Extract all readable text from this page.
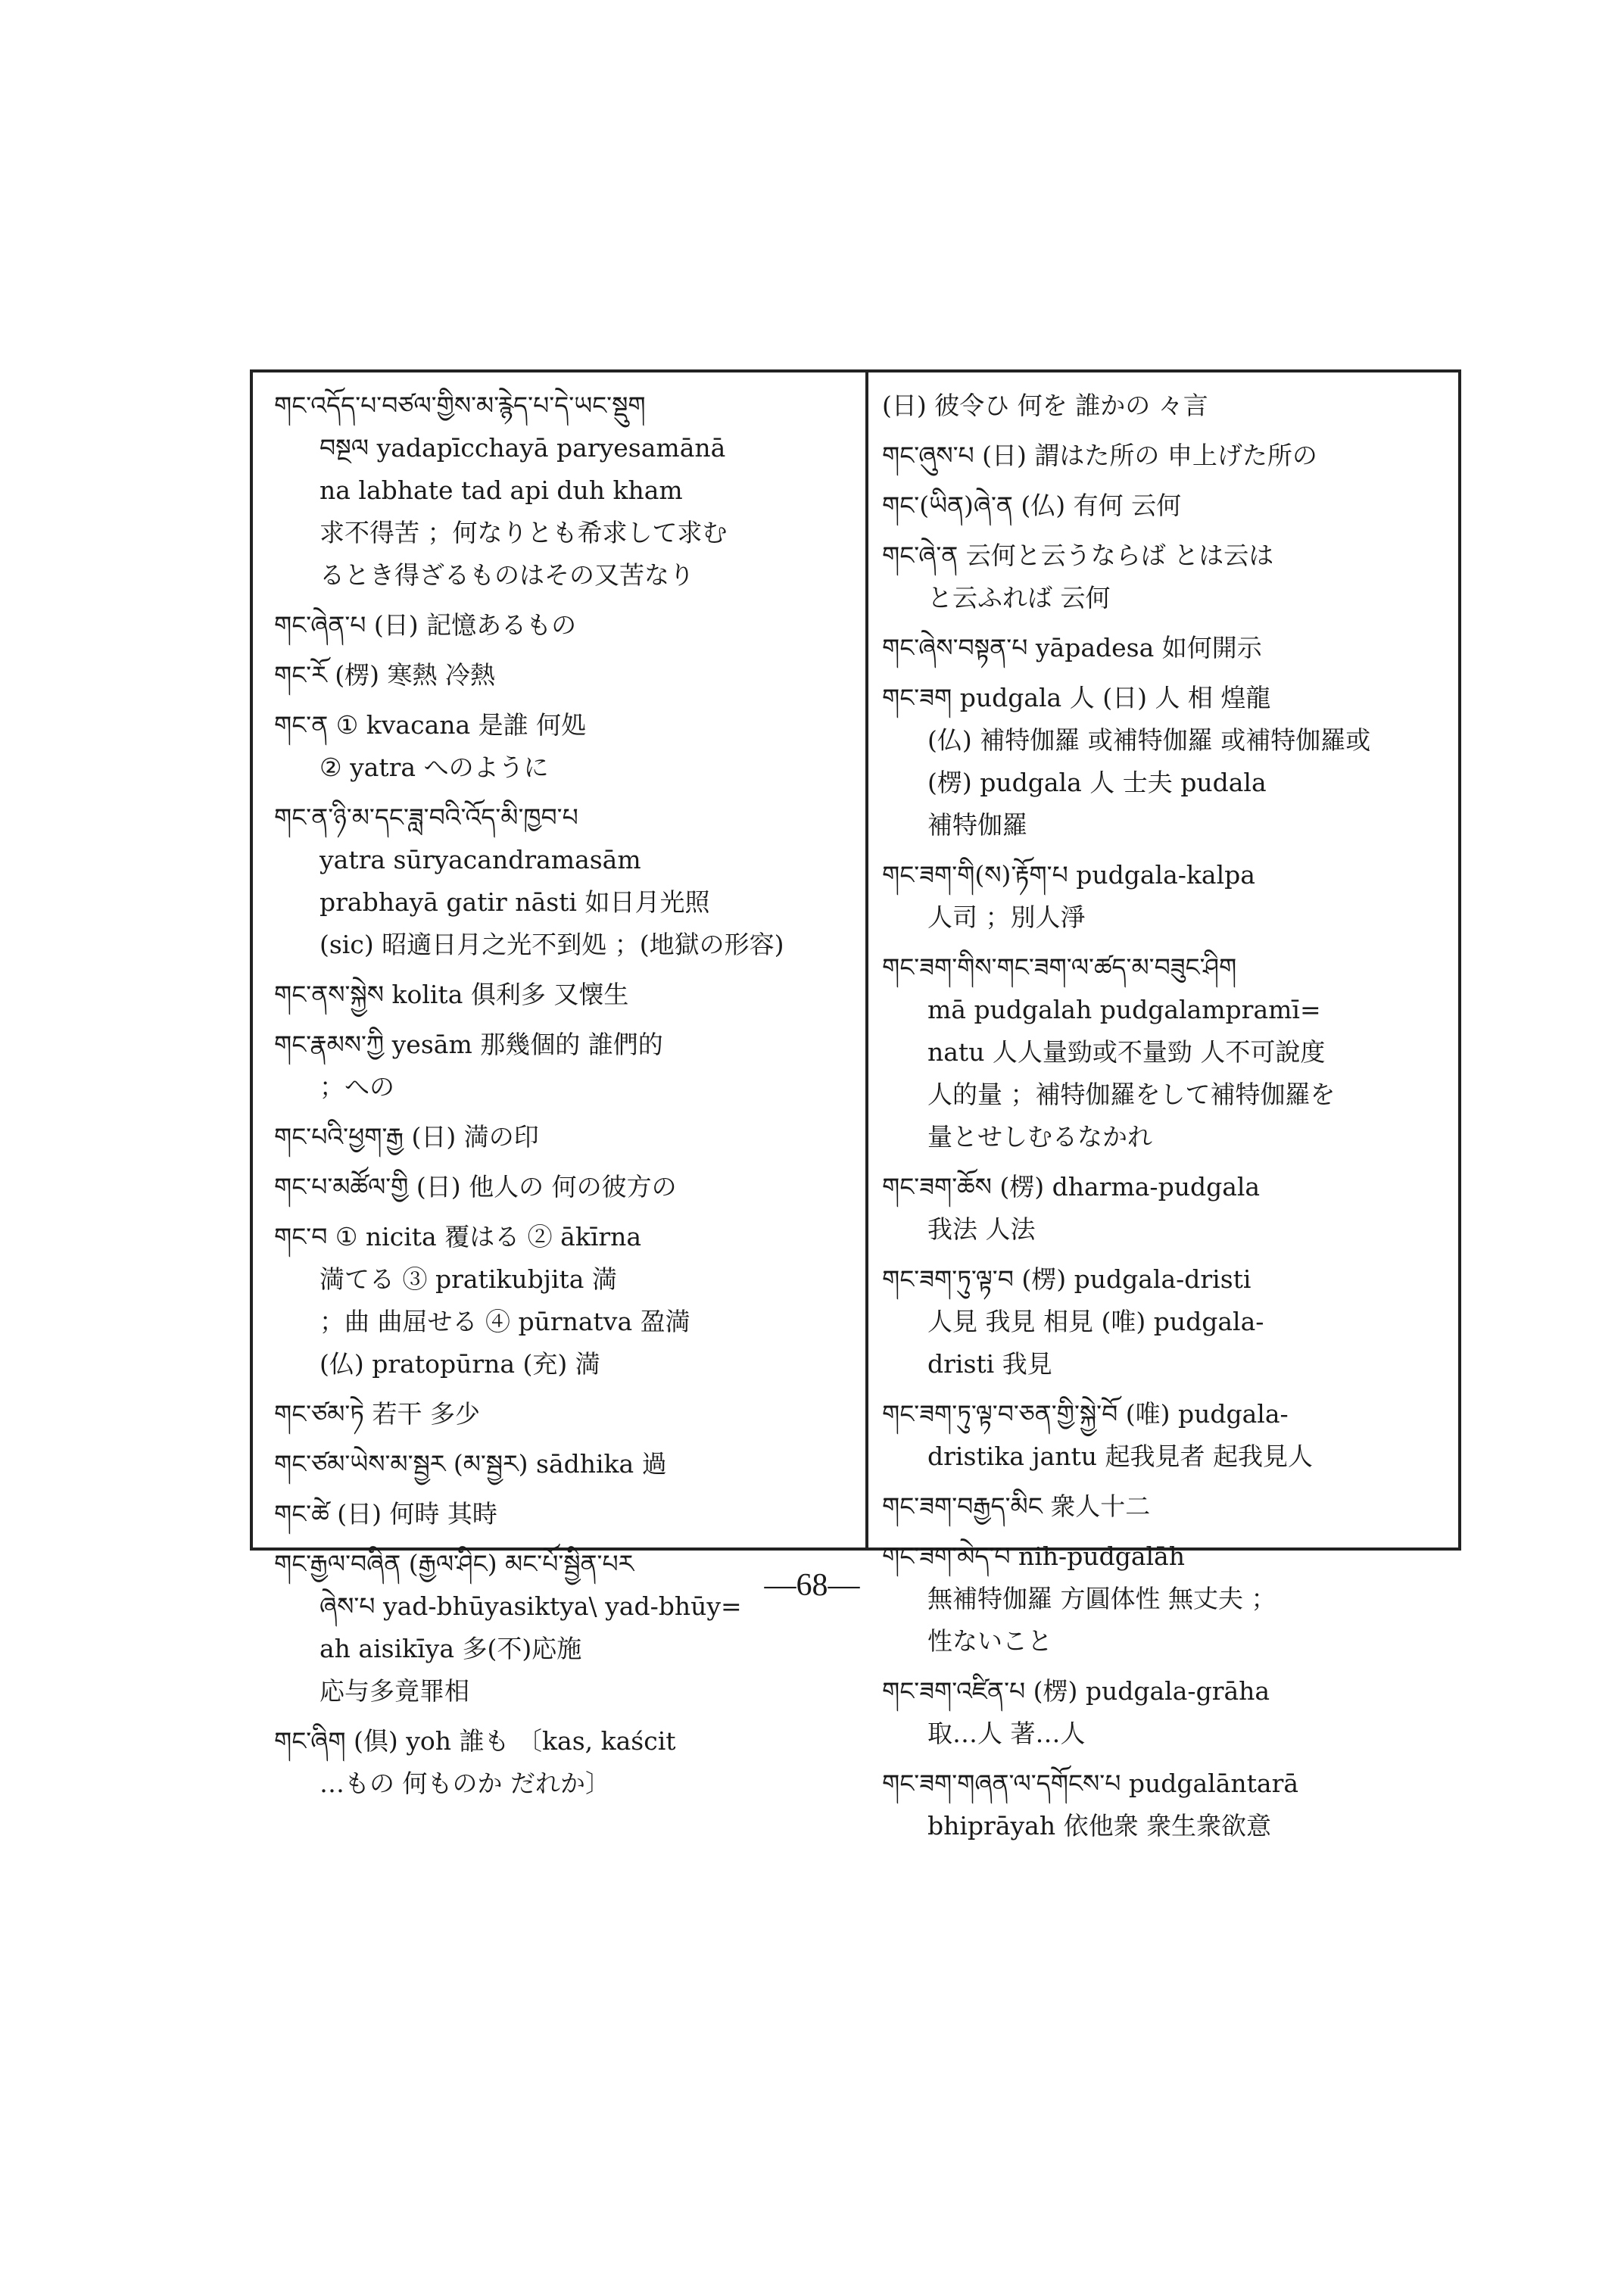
གང་འདོད་པ་བཙལ་གྱིས་མ་རྙེད་པ་དེ་ཡང་སྡུག
བསྔལ yadapīcchayā paryesamānā
na labhate tad api duh kham
求不得苦 ；何なりとも希求して求む
るとき得ざるものはその又苦なり
གང་ཞེན་པ (日) 記憶あるもの
གང་རོ (楞) 寒熱 冷熱
གང་ན ① kvacana 是誰 何処
② yatra へのように
གང་ན་ཉི་མ་དང་ཟླ་བའི་འོད་མི་ཁྱབ་པ
yatra sūryacandramasām
prabhayā gatir nāsti 如日月光照
(sic) 昭適日月之光不到処 ；(地獄の形容)
གང་ནས་སྐྱེས kolita 俱利多 又懐生
གང་རྣམས་ཀྱི yesām 那幾個的 誰們的
；への
གང་པའི་ཕྱག་རྒྱ (日) 満の印
གང་པ་མཚོལ་གྱི (日) 他人の 何の彼方の
གང་བ ① nicita 覆はる ② ākīrna
満てる ③ pratikubjita 満
；曲 曲屈せる ④ pūrnatva 盈満
(仏) pratopūrna (充) 満
གང་ཙམ་ཏེ 若干 多少
གང་ཙམ་ཡེས་མ་སྦྱར (མ་སྦྱར) sādhika 過
གང་ཚེ (日) 何時 其時
གང་རྒྱལ་བཞིན (རྒྱལ་ཤིང) མང་པོ་སྦྱིན་པར
ཞེས་པ yad-bhūyasiktya\ yad-bhūy=
ah aisikīya 多(不)応施
応与多竟罪相
གང་ཞིག (倶) yoh 誰も 〔kas, kaścit
…もの 何ものか だれか〕
(日) 彼令ひ 何を 誰かの 々言
གང་ཞུས་པ (日) 謂はた所の 申上げた所の
གང་(ཡིན)ཞེ་ན (仏) 有何 云何
གང་ཞེ་ན 云何と云うならば とは云は
と云ふれば 云何
གང་ཞེས་བསྟན་པ yāpadesa 如何開示
གང་ཟག pudgala 人 (日) 人 相 煌龍
(仏) 補特伽羅 或補特伽羅 或補特伽羅或
(楞) pudgala 人 士夫 pudala
補特伽羅
གང་ཟག་གི(ས)་རྟོག་པ pudgala-kalpa
人司 ；別人淨
གང་ཟག་གིས་གང་ཟག་ལ་ཚད་མ་བཟུང་ཤིག
mā pudgalah pudgalampramī=
natu 人人量勁或不量勁 人不可說度
人的量 ；補特伽羅をして補特伽羅を
量とせしむるなかれ
གང་ཟག་ཆོས (楞) dharma-pudgala
我法 人法
གང་ཟག་ཏུ་ལྟ་བ (楞) pudgala-dristi
人見 我見 相見 (唯) pudgala-
dristi 我見
གང་ཟག་ཏུ་ལྟ་བ་ཅན་གྱི་སྐྱེ་བོ (唯) pudgala-
dristika jantu 起我見者 起我見人
གང་ཟག་བརྒྱད་མིང 衆人十二
གང་ཟག་མེད་པ nih-pudgalāh
無補特伽羅 方圓体性 無丈夫 ；
性ないこと
གང་ཟག་འཛིན་པ (楞) pudgala-grāha
取…人 著…人
གང་ཟག་གཞན་ལ་དགོངས་པ pudgalāntarā
bhiprāyah 依他衆 衆生衆欲意
—68—
